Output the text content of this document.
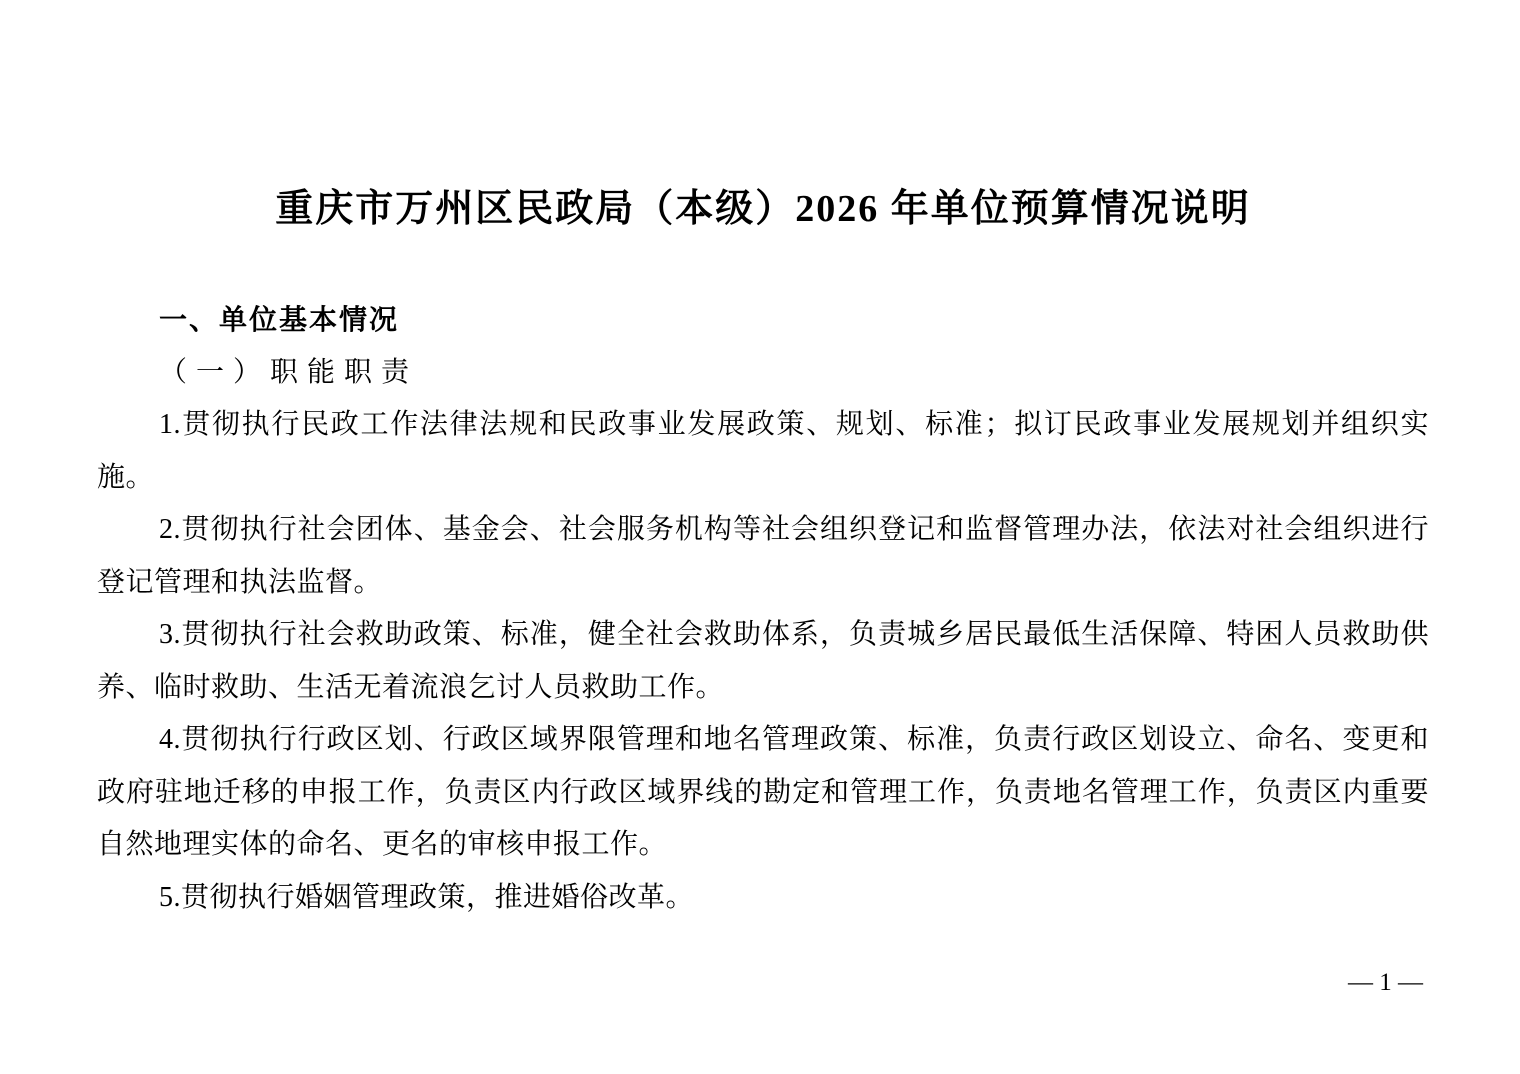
重庆市万州区民政局（本级）2026 年单位预算情况说明
一、单位基本情况
（一）职能职责

1.贯彻执行民政工作法律法规和民政事业发展政策、规划、标准；拟订民政事业发展规划并组织实施。

2.贯彻执行社会团体、基金会、社会服务机构等社会组织登记和监督管理办法，依法对社会组织进行登记管理和执法监督。

3.贯彻执行社会救助政策、标准，健全社会救助体系，负责城乡居民最低生活保障、特困人员救助供养、临时救助、生活无着流浪乞讨人员救助工作。

4.贯彻执行行政区划、行政区域界限管理和地名管理政策、标准，负责行政区划设立、命名、变更和政府驻地迁移的申报工作，负责区内行政区域界线的勘定和管理工作，负责地名管理工作，负责区内重要自然地理实体的命名、更名的审核申报工作。

5.贯彻执行婚姻管理政策，推进婚俗改革。

— 1 —
